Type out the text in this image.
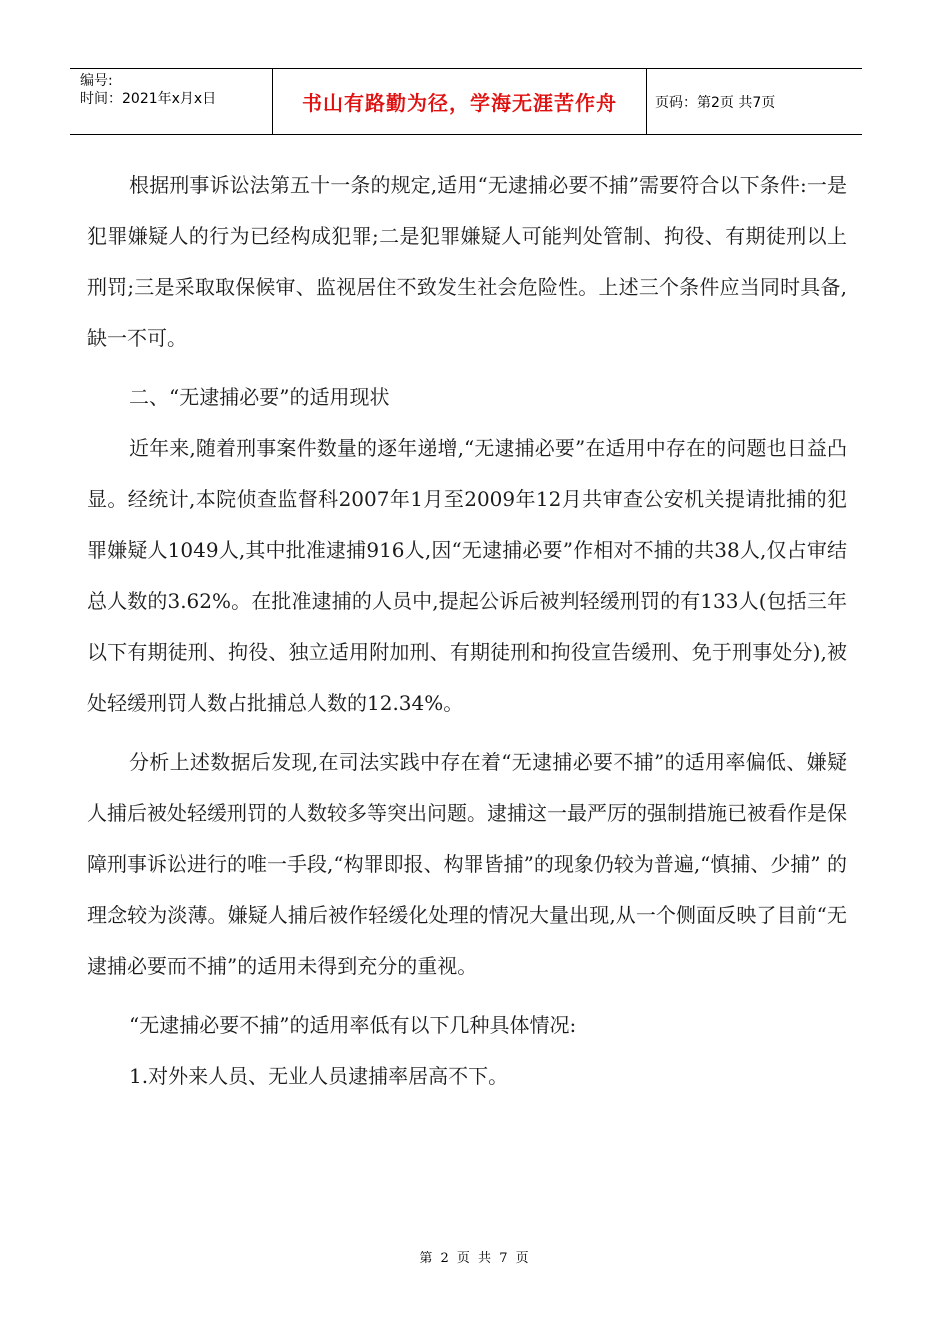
编号:
时间：2021年x月x日	书山有路勤为径，学海无涯苦作舟	页码：第2页 共7页

根据刑事诉讼法第五十一条的规定,适用“无逮捕必要不捕”需要符合以下条件:一是犯罪嫌疑人的行为已经构成犯罪;二是犯罪嫌疑人可能判处管制、拘役、有期徒刑以上刑罚;三是采取取保候审、监视居住不致发生社会危险性。上述三个条件应当同时具备,缺一不可。

二、“无逮捕必要”的适用现状

近年来,随着刑事案件数量的逐年递增,“无逮捕必要”在适用中存在的问题也日益凸显。经统计,本院侦查监督科2007年1月至2009年12月共审查公安机关提请批捕的犯罪嫌疑人1049人,其中批准逮捕916人,因“无逮捕必要”作相对不捕的共38人,仅占审结总人数的3.62%。在批准逮捕的人员中,提起公诉后被判轻缓刑罚的有133人(包括三年以下有期徒刑、拘役、独立适用附加刑、有期徒刑和拘役宣告缓刑、免于刑事处分),被处轻缓刑罚人数占批捕总人数的12.34%。

分析上述数据后发现,在司法实践中存在着“无逮捕必要不捕”的适用率偏低、嫌疑人捕后被处轻缓刑罚的人数较多等突出问题。逮捕这一最严厉的强制措施已被看作是保障刑事诉讼进行的唯一手段,“构罪即报、构罪皆捕”的现象仍较为普遍,“慎捕、少捕” 的理念较为淡薄。嫌疑人捕后被作轻缓化处理的情况大量出现,从一个侧面反映了目前“无逮捕必要而不捕”的适用未得到充分的重视。

“无逮捕必要不捕”的适用率低有以下几种具体情况:

1.对外来人员、无业人员逮捕率居高不下。

第 2 页 共 7 页
